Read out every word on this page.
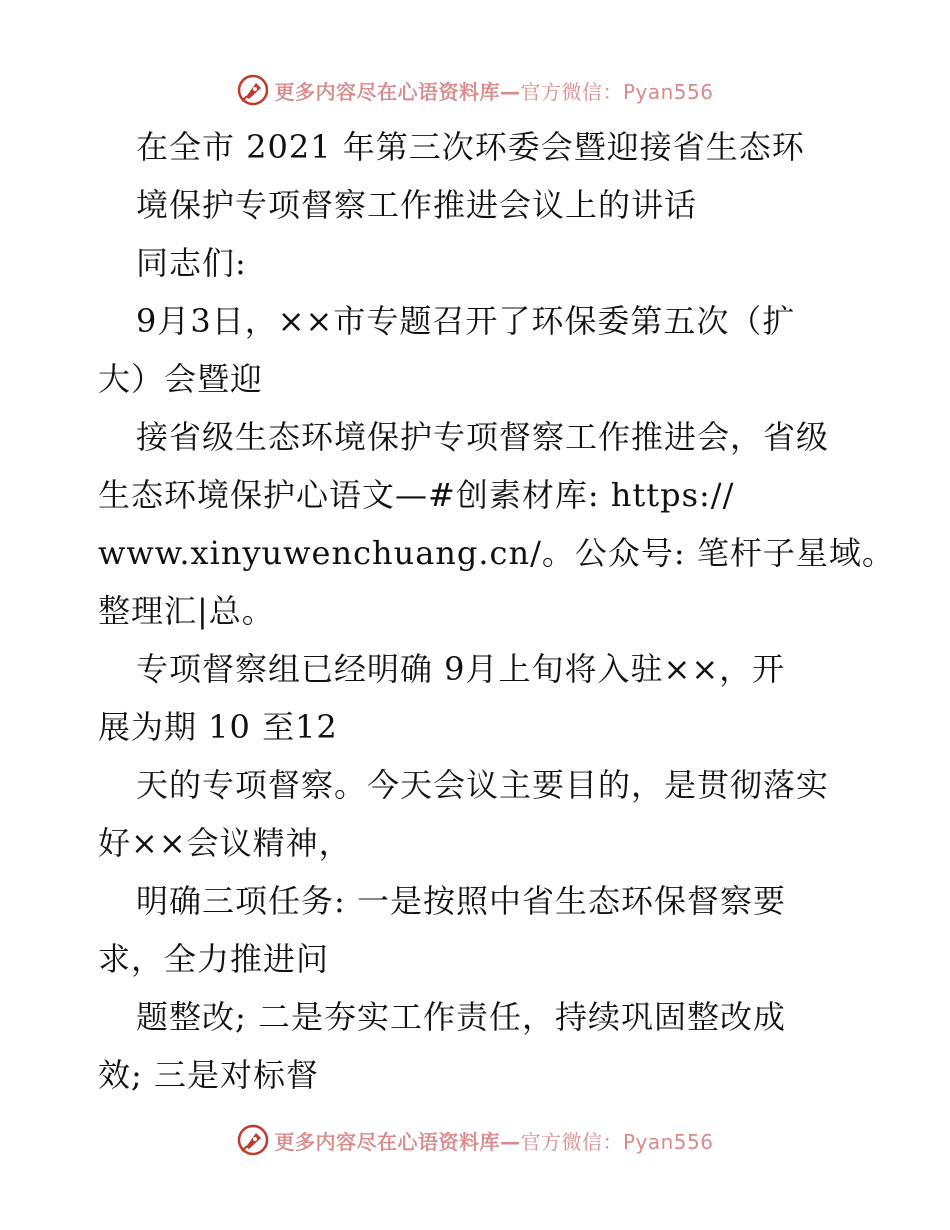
更多内容尽在心语资料库—官方微信：Pyan556
在全市 2021 年第三次环委会暨迎接省生态环
境保护专项督察工作推进会议上的讲话
同志们:
9月3日，××市专题召开了环保委第五次（扩
大）会暨迎
接省级生态环境保护专项督察工作推进会，省级
生态环境保护心语文—#创素材库: https://
www.xinyuwenchuang.cn/。公众号: 笔杆子星域。
整理汇|总。
专项督察组已经明确 9月上旬将入驻××，开
展为期 10 至12
天的专项督察。今天会议主要目的，是贯彻落实
好××会议精神，
明确三项任务: 一是按照中省生态环保督察要
求，全力推进问
题整改; 二是夯实工作责任，持续巩固整改成
效; 三是对标督
更多内容尽在心语资料库—官方微信：Pyan556
